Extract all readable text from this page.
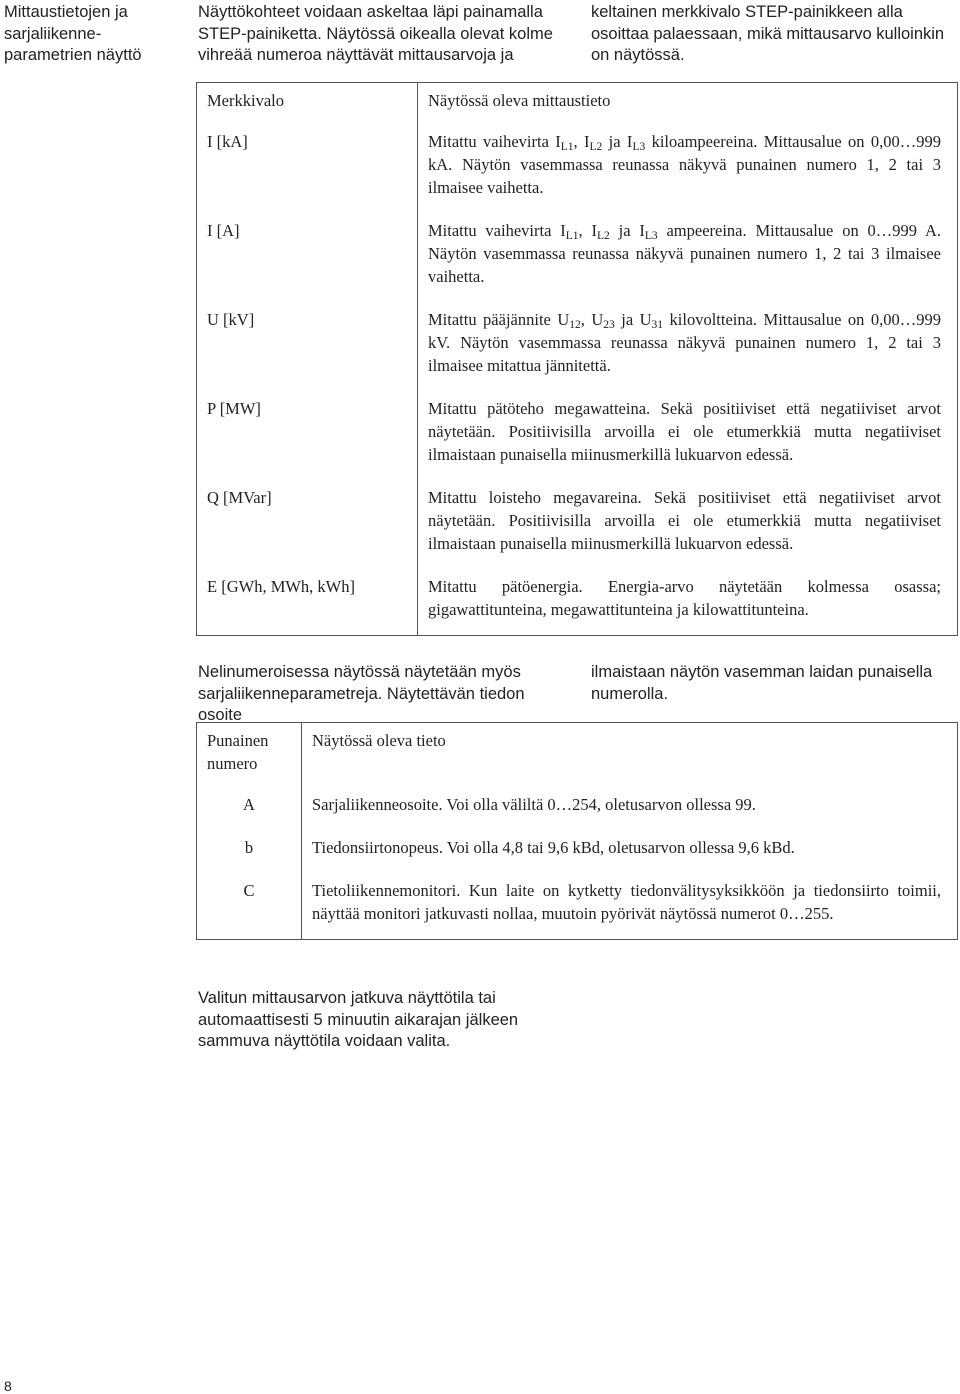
Mittaustietojen ja sarjaliikenne-parametrien näyttö
Näyttökohteet voidaan askeltaa läpi painamalla STEP-painiketta. Näytössä oikealla olevat kolme vihreää numeroa näyttävät mittausarvoja ja
keltainen merkkivalo STEP-painikkeen alla osoittaa palaessaan, mikä mittausarvo kulloinkin on näytössä.
Merkkivalo	Näytössä oleva mittaustieto
I [kA]	Mitattu vaihevirta $I_{L1}$, $I_{L2}$ ja $I_{L3}$ kiloampeereina. Mittausalue on 0,00…999 kA. Näytön vasemmassa reunassa näkyvä punainen numero 1, 2 tai 3 ilmaisee vaihetta.
I [A]	Mitattu vaihevirta $I_{L1}$, $I_{L2}$ ja $I_{L3}$ ampeereina. Mittausalue on 0…999 A. Näytön vasemmassa reunassa näkyvä punainen numero 1, 2 tai 3 ilmaisee vaihetta.
U [kV]	Mitattu pääjännite $U_{12}$, $U_{23}$ ja $U_{31}$ kilovoltteina. Mittausalue on 0,00…999 kV. Näytön vasemmassa reunassa näkyvä punainen numero 1, 2 tai 3 ilmaisee mitattua jännitettä.
P [MW]	Mitattu pätöteho megawatteina. Sekä positiiviset että negatiiviset arvot näytetään. Positiivisilla arvoilla ei ole etumerkkiä mutta negatiiviset ilmaistaan punaisella miinusmerkillä lukuarvon edessä.
Q [MVar]	Mitattu loisteho megavareina. Sekä positiiviset että negatiiviset arvot näytetään. Positiivisilla arvoilla ei ole etumerkkiä mutta negatiiviset ilmaistaan punaisella miinusmerkillä lukuarvon edessä.
E [GWh, MWh, kWh]	Mitattu pätöenergia. Energia-arvo näytetään kolmessa osassa; gigawattitunteina, megawattitunteina ja kilowattitunteina.
Nelinumeroisessa näytössä näytetään myös sarjaliikenneparametreja. Näytettävän tiedon osoite
ilmaistaan näytön vasemman laidan punaisella numerolla.
Punainen numero	Näytössä oleva tieto
A	Sarjaliikenneosoite. Voi olla väliltä 0…254, oletusarvon ollessa 99.
b	Tiedonsiirtonopeus. Voi olla 4,8 tai 9,6 kBd, oletusarvon ollessa 9,6 kBd.
C	Tietoliikennemonitori. Kun laite on kytketty tiedonvälitysyksikköön ja tiedonsiirto toimii, näyttää monitori jatkuvasti nollaa, muutoin pyörivät näytössä numerot 0…255.
Valitun mittausarvon jatkuva näyttötila tai automaattisesti 5 minuutin aikarajan jälkeen sammuva näyttötila voidaan valita.
8
